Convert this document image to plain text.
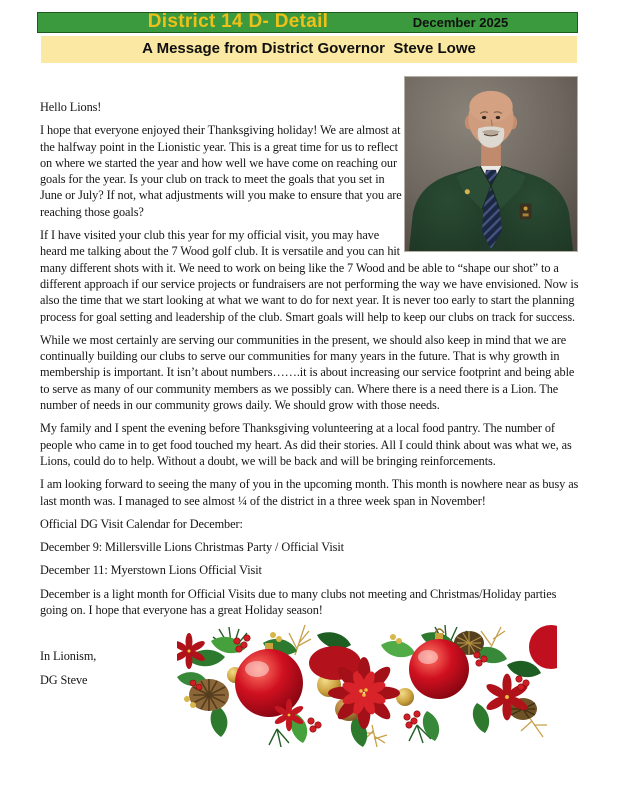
District 14 D- Detail	December 2025
A Message from District Governor  Steve Lowe

Hello Lions!

I hope that everyone enjoyed their Thanksgiving holiday! We are almost at the halfway point in the Lionistic year. This is a great time for us to reflect on where we started the year and how well we have come on reaching our goals for the year. Is your club on track to meet the goals that you set in June or July? If not, what adjustments will you make to ensure that you are reaching those goals?

If I have visited your club this year for my official visit, you may have heard me talking about the 7 Wood golf club. It is versatile and you can hit many different shots with it. We need to work on being like the 7 Wood and be able to “shape our shot” to a different approach if our service projects or fundraisers are not performing the way we have envisioned. Now is also the time that we start looking at what we want to do for next year. It is never too early to start the planning process for goal setting and leadership of the club. Smart goals will help to keep our clubs on track for success.

While we most certainly are serving our communities in the present, we should also keep in mind that we are continually building our clubs to serve our communities for many years in the future. That is why growth in membership is important. It isn’t about numbers…….it is about increasing our service footprint and being able to serve as many of our community members as we possibly can. Where there is a need there is a Lion. The number of needs in our community grows daily. We should grow with those needs.

My family and I spent the evening before Thanksgiving volunteering at a local food pantry. The number of people who came in to get food touched my heart. As did their stories. All I could think about was what we, as Lions, could do to help. Without a doubt, we will be back and will be bringing reinforcements.

I am looking forward to seeing the many of you in the upcoming month. This month is nowhere near as busy as last month was. I managed to see almost ¼ of the district in a three week span in November!

Official DG Visit Calendar for December:

December 9: Millersville Lions Christmas Party / Official Visit

December 11: Myerstown Lions Official Visit

December is a light month for Official Visits due to many clubs not meeting and Christmas/Holiday parties going on. I hope that everyone has a great Holiday season!

In Lionism,

DG Steve
